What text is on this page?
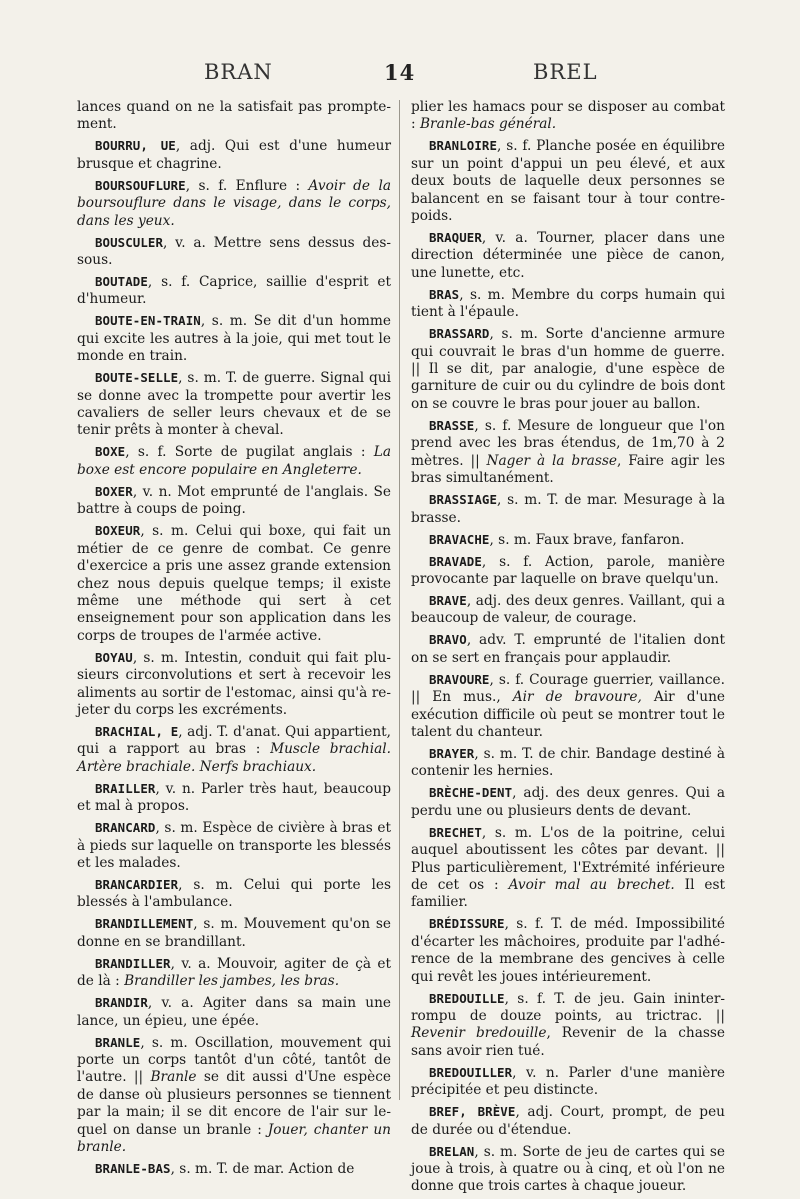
BRAN	14	BREL

lances quand on ne la satisfait pas promptement.

BOURRU, UE, adj. Qui est d'une humeur brusque et chagrine.

BOURSOUFLURE, s. f. Enflure : Avoir de la boursouflure dans le visage, dans le corps, dans les yeux.

BOUSCULER, v. a. Mettre sens dessus dessous.

BOUTADE, s. f. Caprice, saillie d'esprit et d'humeur.

BOUTE-EN-TRAIN, s. m. Se dit d'un homme qui excite les autres à la joie, qui met tout le monde en train.

BOUTE-SELLE, s. m. T. de guerre. Signal qui se donne avec la trompette pour avertir les cavaliers de seller leurs chevaux et de se tenir prêts à monter à cheval.

BOXE, s. f. Sorte de pugilat anglais : La boxe est encore populaire en Angleterre.

BOXER, v. n. Mot emprunté de l'anglais. Se battre à coups de poing.

BOXEUR, s. m. Celui qui boxe, qui fait un métier de ce genre de combat. Ce genre d'exercice a pris une assez grande extension chez nous depuis quelque temps; il existe même une méthode qui sert à cet enseignement pour son application dans les corps de troupes de l'armée active.

BOYAU, s. m. Intestin, conduit qui fait plusieurs circonvolutions et sert à recevoir les aliments au sortir de l'estomac, ainsi qu'à rejeter du corps les excréments.

BRACHIAL, E, adj. T. d'anat. Qui appartient, qui a rapport au bras : Muscle brachial. Artère brachiale. Nerfs brachiaux.

BRAILLER, v. n. Parler très haut, beaucoup et mal à propos.

BRANCARD, s. m. Espèce de civière à bras et à pieds sur laquelle on transporte les blessés et les malades.

BRANCARDIER, s. m. Celui qui porte les blessés à l'ambulance.

BRANDILLEMENT, s. m. Mouvement qu'on se donne en se brandillant.

BRANDILLER, v. a. Mouvoir, agiter de çà et de là : Brandiller les jambes, les bras.

BRANDIR, v. a. Agiter dans sa main une lance, un épieu, une épée.

BRANLE, s. m. Oscillation, mouvement qui porte un corps tantôt d'un côté, tantôt de l'autre. || Branle se dit aussi d'Une espèce de danse où plusieurs personnes se tiennent par la main; il se dit encore de l'air sur lequel on danse un branle : Jouer, chanter un branle.

BRANLE-BAS, s. m. T. de mar. Action de

plier les hamacs pour se disposer au combat : Branle-bas général.

BRANLOIRE, s. f. Planche posée en équilibre sur un point d'appui un peu élevé, et aux deux bouts de laquelle deux personnes se balancent en se faisant tour à tour contrepoids.

BRAQUER, v. a. Tourner, placer dans une direction déterminée une pièce de canon, une lunette, etc.

BRAS, s. m. Membre du corps humain qui tient à l'épaule.

BRASSARD, s. m. Sorte d'ancienne armure qui couvrait le bras d'un homme de guerre. || Il se dit, par analogie, d'une espèce de garniture de cuir ou du cylindre de bois dont on se couvre le bras pour jouer au ballon.

BRASSE, s. f. Mesure de longueur que l'on prend avec les bras étendus, de 1m,70 à 2 mètres. || Nager à la brasse, Faire agir les bras simultanément.

BRASSIAGE, s. m. T. de mar. Mesurage à la brasse.

BRAVACHE, s. m. Faux brave, fanfaron.

BRAVADE, s. f. Action, parole, manière provocante par laquelle on brave quelqu'un.

BRAVE, adj. des deux genres. Vaillant, qui a beaucoup de valeur, de courage.

BRAVO, adv. T. emprunté de l'italien dont on se sert en français pour applaudir.

BRAVOURE, s. f. Courage guerrier, vaillance. || En mus., Air de bravoure, Air d'une exécution difficile où peut se montrer tout le talent du chanteur.

BRAYER, s. m. T. de chir. Bandage destiné à contenir les hernies.

BRÈCHE-DENT, adj. des deux genres. Qui a perdu une ou plusieurs dents de devant.

BRECHET, s. m. L'os de la poitrine, celui auquel aboutissent les côtes par devant. || Plus particulièrement, l'Extrémité inférieure de cet os : Avoir mal au brechet. Il est familier.

BRÉDISSURE, s. f. T. de méd. Impossibilité d'écarter les mâchoires, produite par l'adhérence de la membrane des gencives à celle qui revêt les joues intérieurement.

BREDOUILLE, s. f. T. de jeu. Gain ininterrompu de douze points, au trictrac. || Revenir bredouille, Revenir de la chasse sans avoir rien tué.

BREDOUILLER, v. n. Parler d'une manière précipitée et peu distincte.

BREF, BRÈVE, adj. Court, prompt, de peu de durée ou d'étendue.

BRELAN, s. m. Sorte de jeu de cartes qui se joue à trois, à quatre ou à cinq, et où l'on ne donne que trois cartes à chaque joueur.
